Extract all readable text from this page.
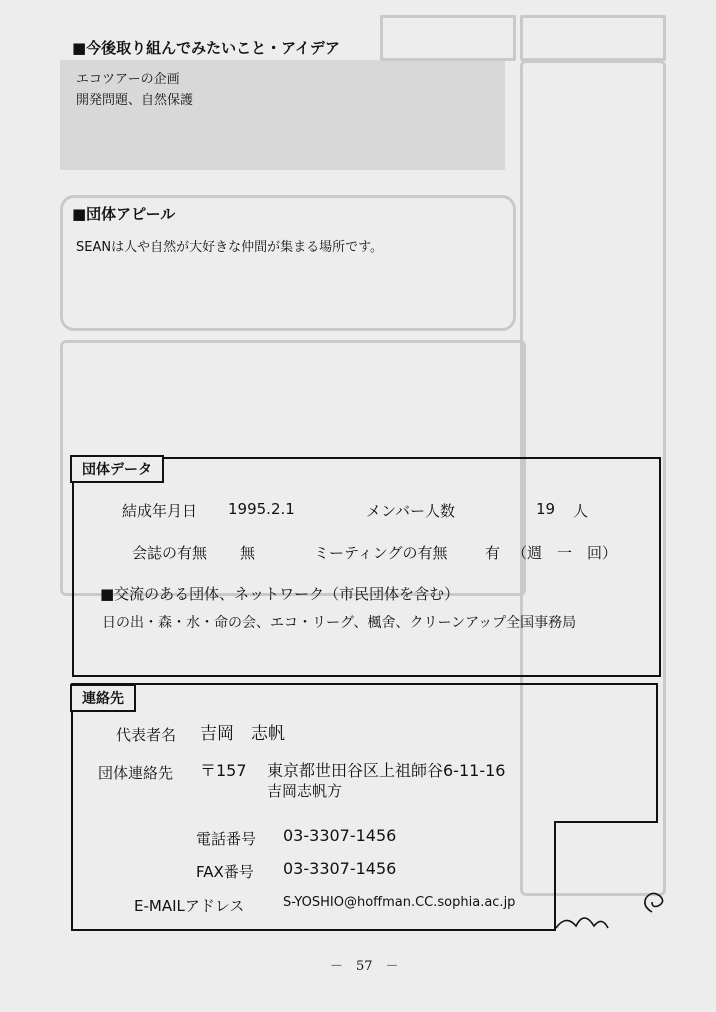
■今後取り組んでみたいこと・アイデア
エコツアーの企画
開発問題、自然保護
■団体アピール
SEANは人や自然が大好きな仲間が集まる場所です。
団体データ
結成年月日 1995.2.1	メンバー人数	19 人
会誌の有無 無	ミーティングの有無 有 （週　一　回）
■交流のある団体、ネットワーク（市民団体を含む）
日の出・森・水・命の会、エコ・リーグ、楓舍、クリーンアップ全国事務局
連絡先
代表者名 吉岡　志帆
団体連絡先 〒157 東京都世田谷区上祖師谷6-11-16
吉岡志帆方
電話番号 03-3307-1456
FAX番号 03-3307-1456
E-MAILアドレス	S-YOSHIO@hoffman.CC.sophia.ac.jp
－　57　－
